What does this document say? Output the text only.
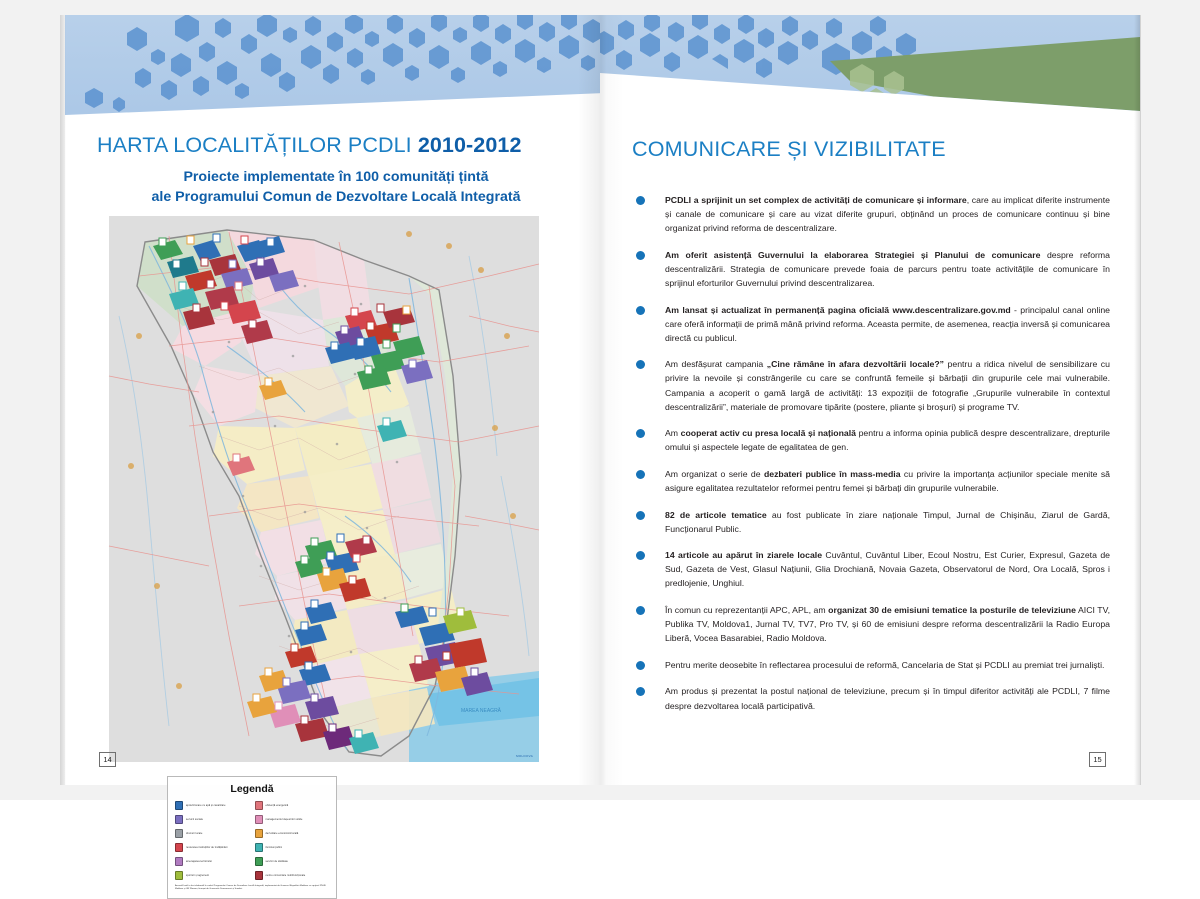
HARTA LOCALITĂȚILOR PCDLI 2010-2012
Proiecte implementate în 100 comunități țintă
ale Programului Comun de Dezvoltare Locală Integrată
MAREA NEAGRĂ
Legendă
aprovizionare cu apă și canalizare	eficiență energetică
servicii sociale	managementul deșeurilor solide
drumuri locale	dezvoltare economică locală
renovarea instituțiilor de învățământ	iluminat public
amenajarea teritoriului	servicii de sănătate
sporturi și agrement	centre comunitare multifuncționale
Această hartă a fost elaborată în cadrul Programului Comun de Dezvoltare Locală Integrată, implementat de Guvernul Republicii Moldova cu sprijinul PNUD Moldova și UN Women, finanțat de Guvernele Danemarcei și Suediei.
MOLDOVA
14
COMUNICARE ȘI VIZIBILITATE
PCDLI a sprijinit un set complex de activități de comunicare și informare, care au implicat diferite instrumente și canale de comunicare și care au vizat diferite grupuri, obținând un proces de comunicare continuu și bine organizat privind reforma de descentralizare.
Am oferit asistență Guvernului la elaborarea Strategiei și Planului de comunicare despre reforma descentralizării. Strategia de comunicare prevede foaia de parcurs pentru toate activitățile de comunicare în sprijinul eforturilor Guvernului privind descentralizarea.
Am lansat și actualizat în permanență pagina oficială www.descentralizare.gov.md - principalul canal online care oferă informații de primă mână privind reforma. Aceasta permite, de asemenea, reacția inversă și comunicarea directă cu publicul.
Am desfășurat campania „Cine rămâne în afara dezvoltării locale?” pentru a ridica nivelul de sensibilizare cu privire la nevoile și constrângerile cu care se confruntă femeile și bărbații din grupurile cele mai vulnerabile. Campania a acoperit o gamă largă de activități: 13 expoziții de fotografie „Grupurile vulnerabile în contextul descentralizării”, materiale de promovare tipărite (postere, pliante și broșuri) și programe TV.
Am cooperat activ cu presa locală și națională pentru a informa opinia publică despre descentralizare, drepturile omului și aspectele legate de egalitatea de gen.
Am organizat o serie de dezbateri publice în mass-media cu privire la importanța acțiunilor speciale menite să asigure egalitatea rezultatelor reformei pentru femei și bărbați din grupurile vulnerabile.
82 de articole tematice au fost publicate în ziare naționale Timpul, Jurnal de Chișinău, Ziarul de Gardă, Funcționarul Public.
14 articole au apărut în ziarele locale Cuvântul, Cuvântul Liber, Ecoul Nostru, Est Curier, Expresul, Gazeta de Sud, Gazeta de Vest, Glasul Națiunii, Glia Drochiană, Novaia Gazeta, Observatorul de Nord, Ora Locală, Spros i predlojenie, Unghiul.
În comun cu reprezentanții APC, APL, am organizat 30 de emisiuni tematice la posturile de televiziune AICI TV, Publika TV, Moldova1, Jurnal TV, TV7, Pro TV, și 60 de emisiuni despre reforma descentralizării la Radio Europa Liberă, Vocea Basarabiei, Radio Moldova.
Pentru merite deosebite în reflectarea procesului de reformă, Cancelaria de Stat și PCDLI au premiat trei jurnaliști.
Am produs și prezentat la postul național de televiziune, precum și în timpul diferitor activități ale PCDLI, 7 filme despre dezvoltarea locală participativă.
15
